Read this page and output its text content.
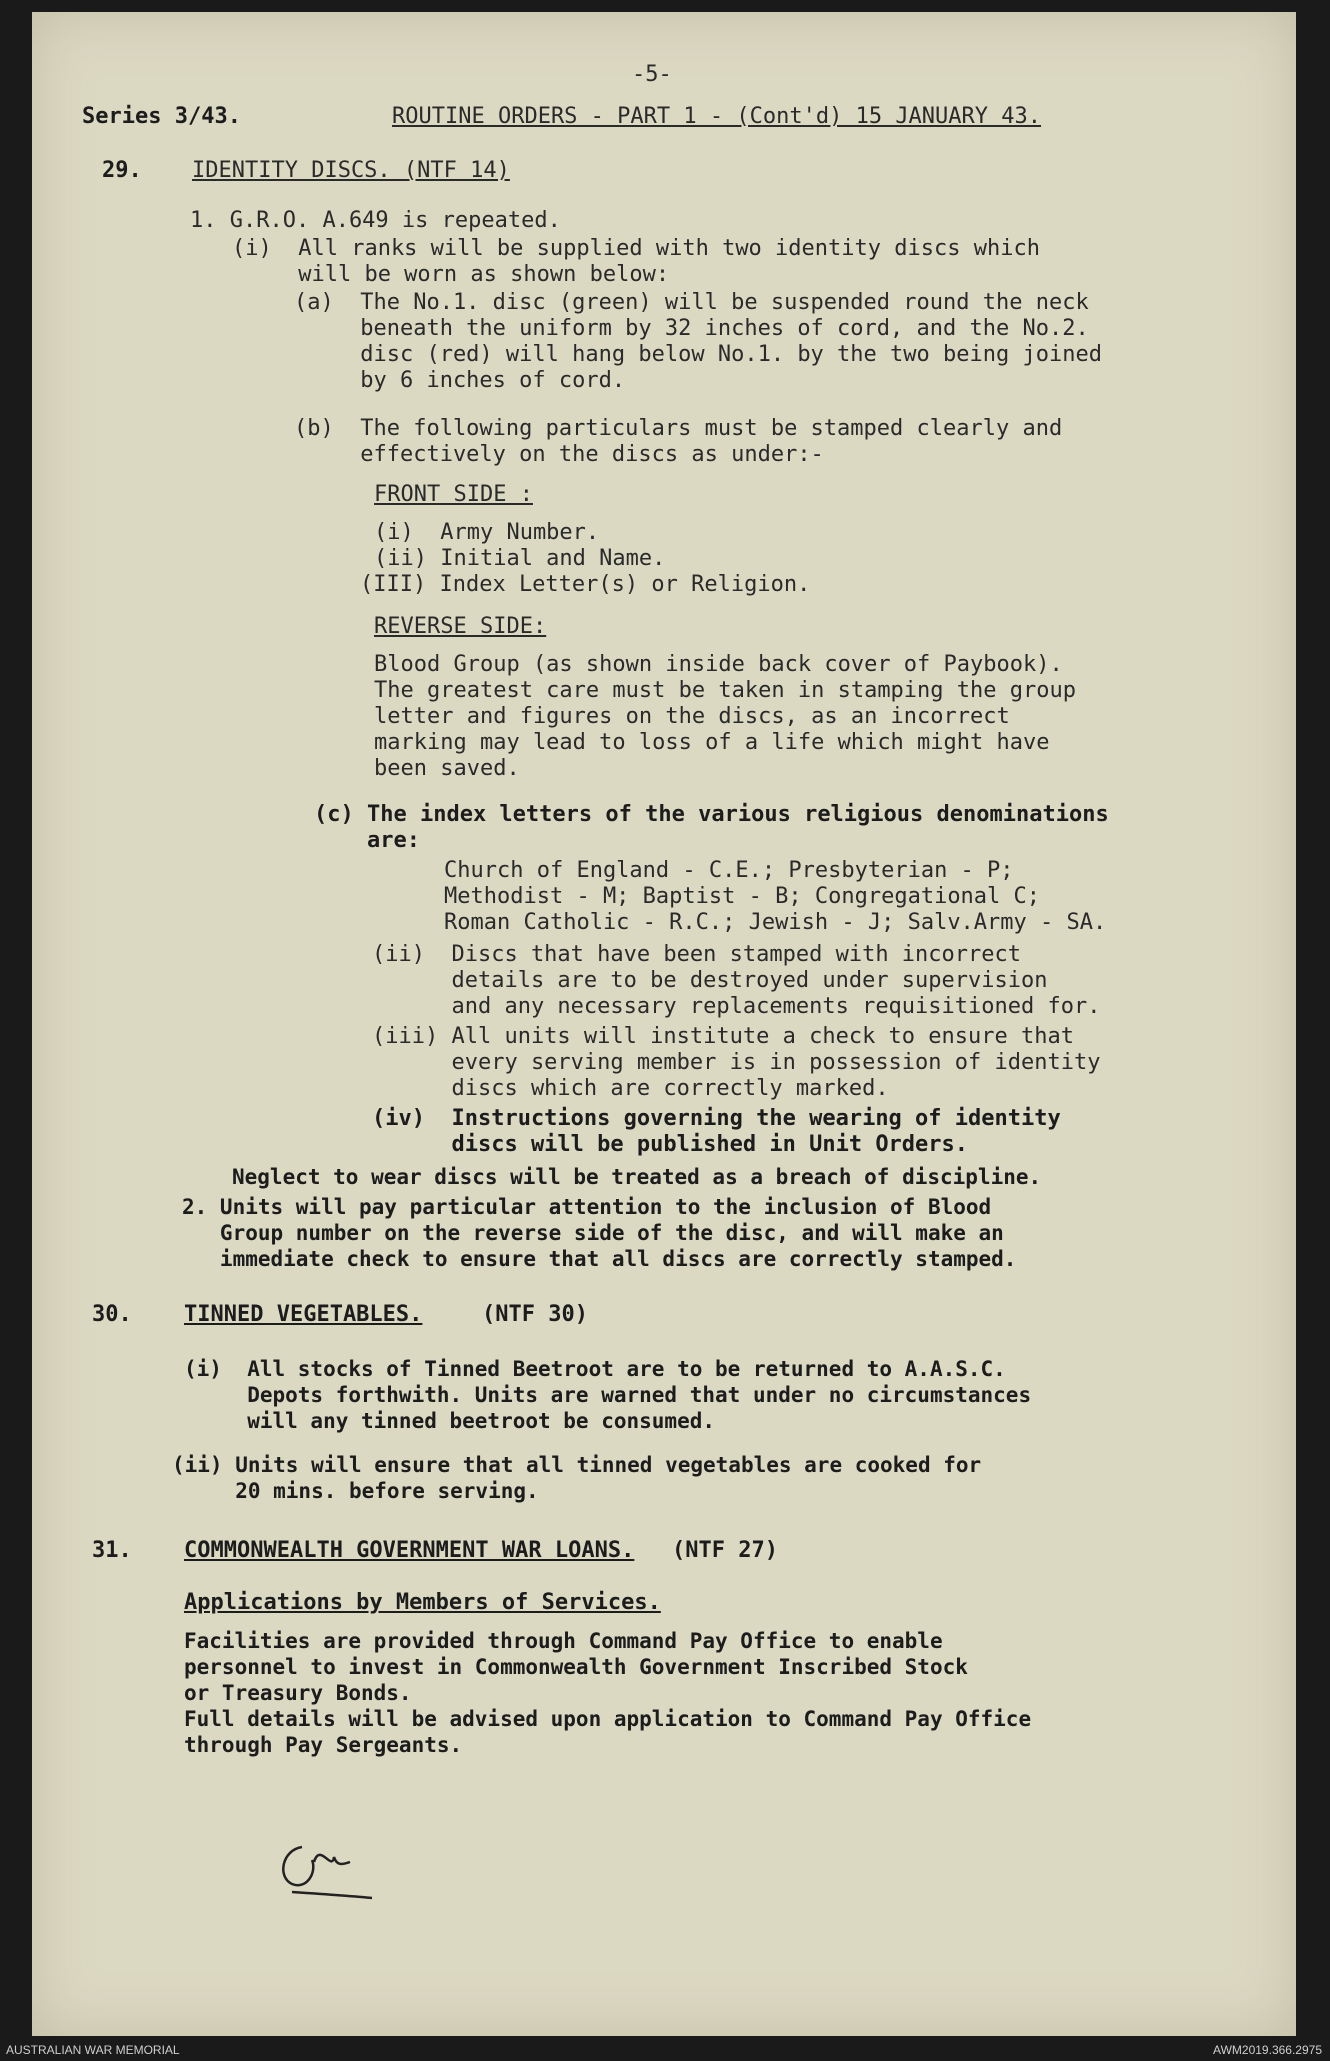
-5-
Series 3/43.	ROUTINE ORDERS - PART 1 - (Cont'd) 15 JANUARY 43.
29. IDENTITY DISCS. (NTF 14)
1. G.R.O. A.649 is repeated.
(i)  All ranks will be supplied with two identity discs which
will be worn as shown below:
(a)  The No.1. disc (green) will be suspended round the neck
beneath the uniform by 32 inches of cord, and the No.2.
disc (red) will hang below No.1. by the two being joined
by 6 inches of cord.
(b)  The following particulars must be stamped clearly and
effectively on the discs as under:-
FRONT SIDE :
(i)  Army Number.
(ii) Initial and Name.
(III) Index Letter(s) or Religion.
REVERSE SIDE:
Blood Group (as shown inside back cover of Paybook).
The greatest care must be taken in stamping the group
letter and figures on the discs, as an incorrect
marking may lead to loss of a life which might have
been saved.
(c) The index letters of the various religious denominations
are:
Church of England - C.E.; Presbyterian - P;
Methodist - M; Baptist - B; Congregational C;
Roman Catholic - R.C.; Jewish - J; Salv.Army - SA.
(ii)  Discs that have been stamped with incorrect
details are to be destroyed under supervision
and any necessary replacements requisitioned for.
(iii) All units will institute a check to ensure that
every serving member is in possession of identity
discs which are correctly marked.
(iv)  Instructions governing the wearing of identity
discs will be published in Unit Orders.
Neglect to wear discs will be treated as a breach of discipline.
2. Units will pay particular attention to the inclusion of Blood
Group number on the reverse side of the disc, and will make an
immediate check to ensure that all discs are correctly stamped.
30. TINNED VEGETABLES.	(NTF 30)
(i)  All stocks of Tinned Beetroot are to be returned to A.A.S.C.
Depots forthwith. Units are warned that under no circumstances
will any tinned beetroot be consumed.
(ii) Units will ensure that all tinned vegetables are cooked for
20 mins. before serving.
31. COMMONWEALTH GOVERNMENT WAR LOANS. (NTF 27)
Applications by Members of Services.
Facilities are provided through Command Pay Office to enable
personnel to invest in Commonwealth Government Inscribed Stock
or Treasury Bonds.
Full details will be advised upon application to Command Pay Office
through Pay Sergeants.
AUSTRALIAN WAR MEMORIAL	AWM2019.366.2975
